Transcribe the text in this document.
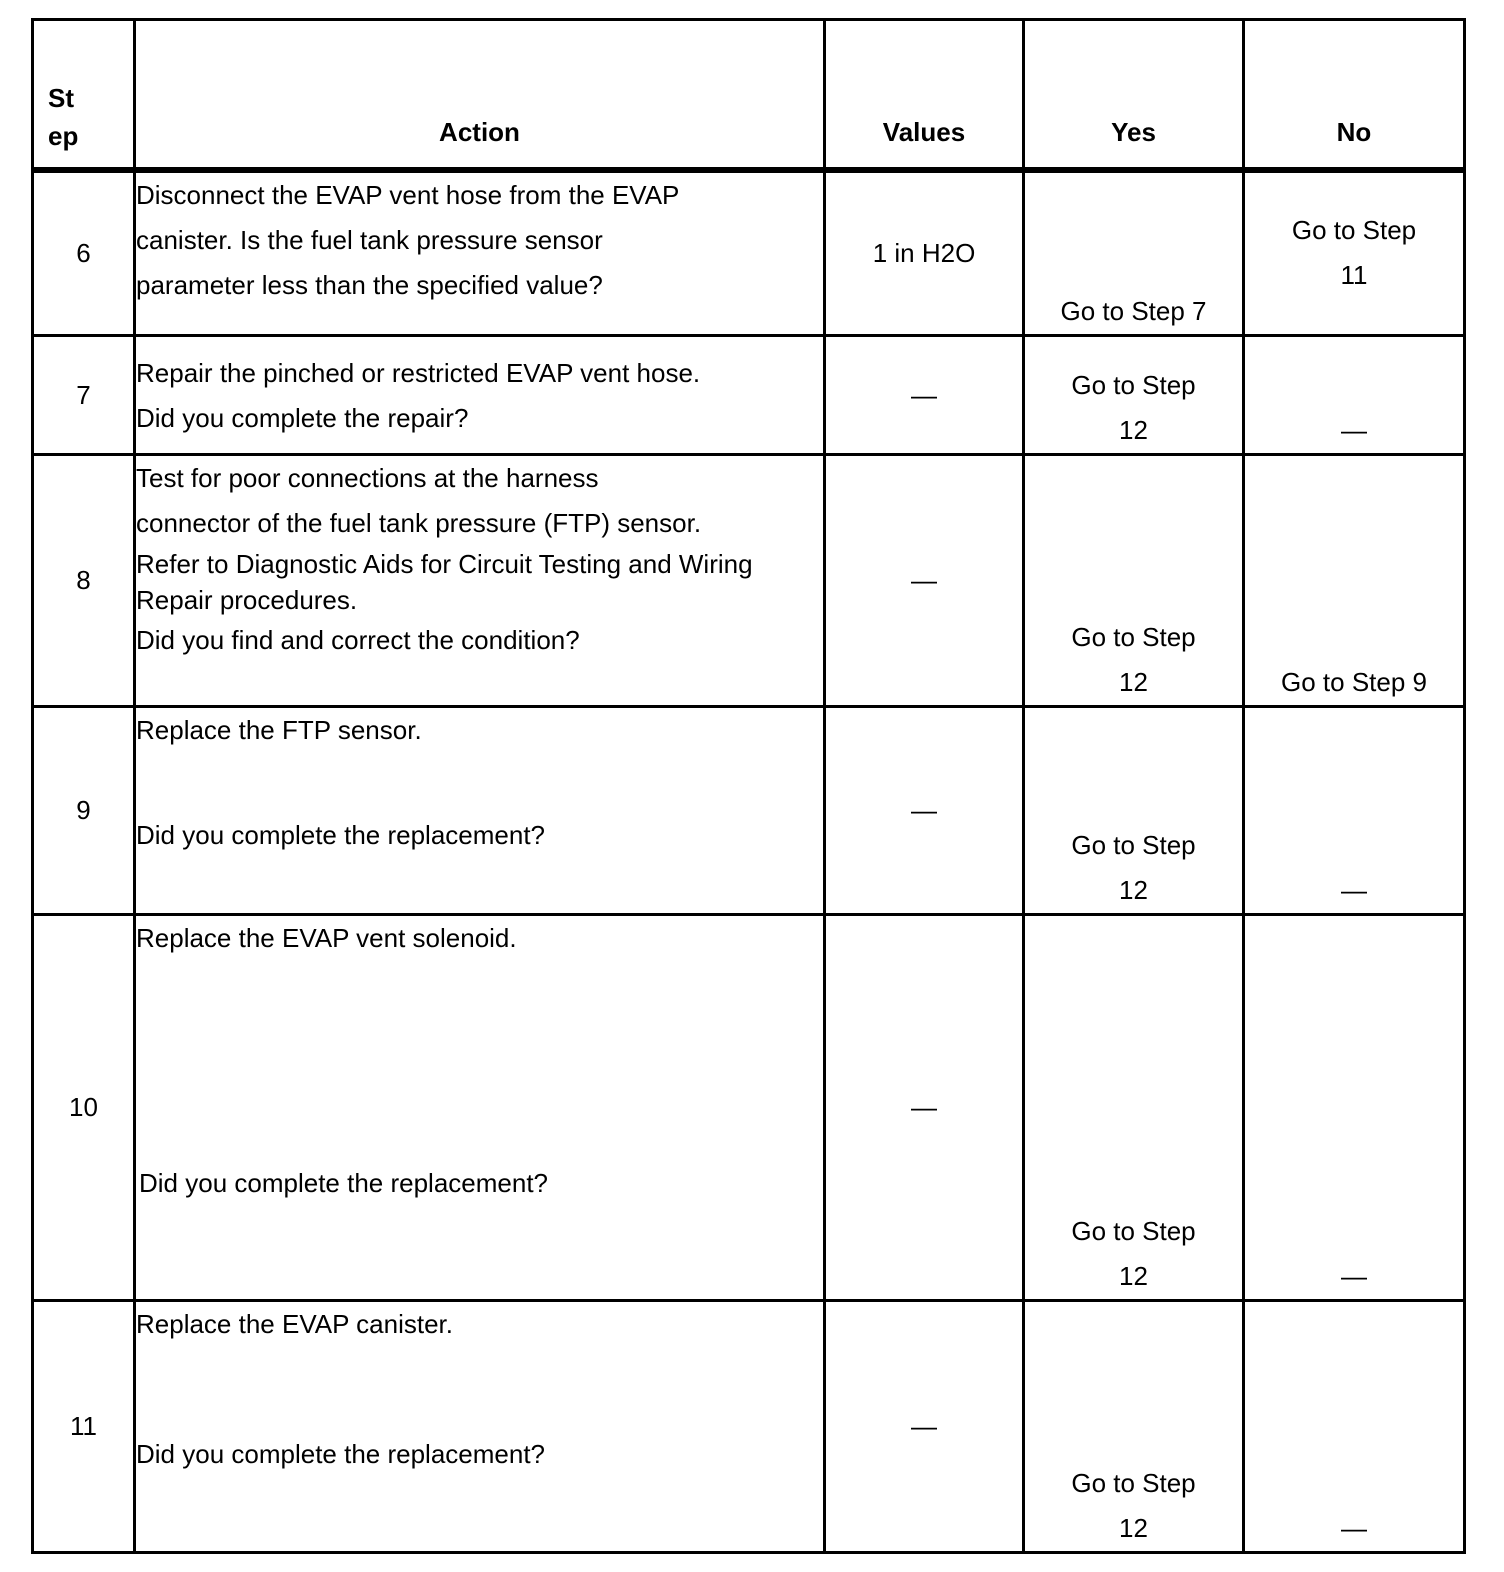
St
ep	Action	Values	Yes	No
6	Disconnect the EVAP vent hose from the EVAP
canister. Is the fuel tank pressure sensor
parameter less than the specified value?	1 in H2O	Go to Step 7	Go to Step
11

7	Repair the pinched or restricted EVAP vent hose.
Did you complete the repair?	—	Go to Step
12	—

8	Test for poor connections at the harness
connector of the fuel tank pressure (FTP) sensor.
Refer to Diagnostic Aids for Circuit Testing and Wiring
Repair procedures.
Did you find and correct the condition?	—	Go to Step
12	Go to Step 9

9	Replace the FTP sensor.
Did you complete the replacement?	—	Go to Step
12	—

10	Replace the EVAP vent solenoid.
Did you complete the replacement?	—	Go to Step
12	—

11	Replace the EVAP canister.
Did you complete the replacement?	—	Go to Step
12	—
